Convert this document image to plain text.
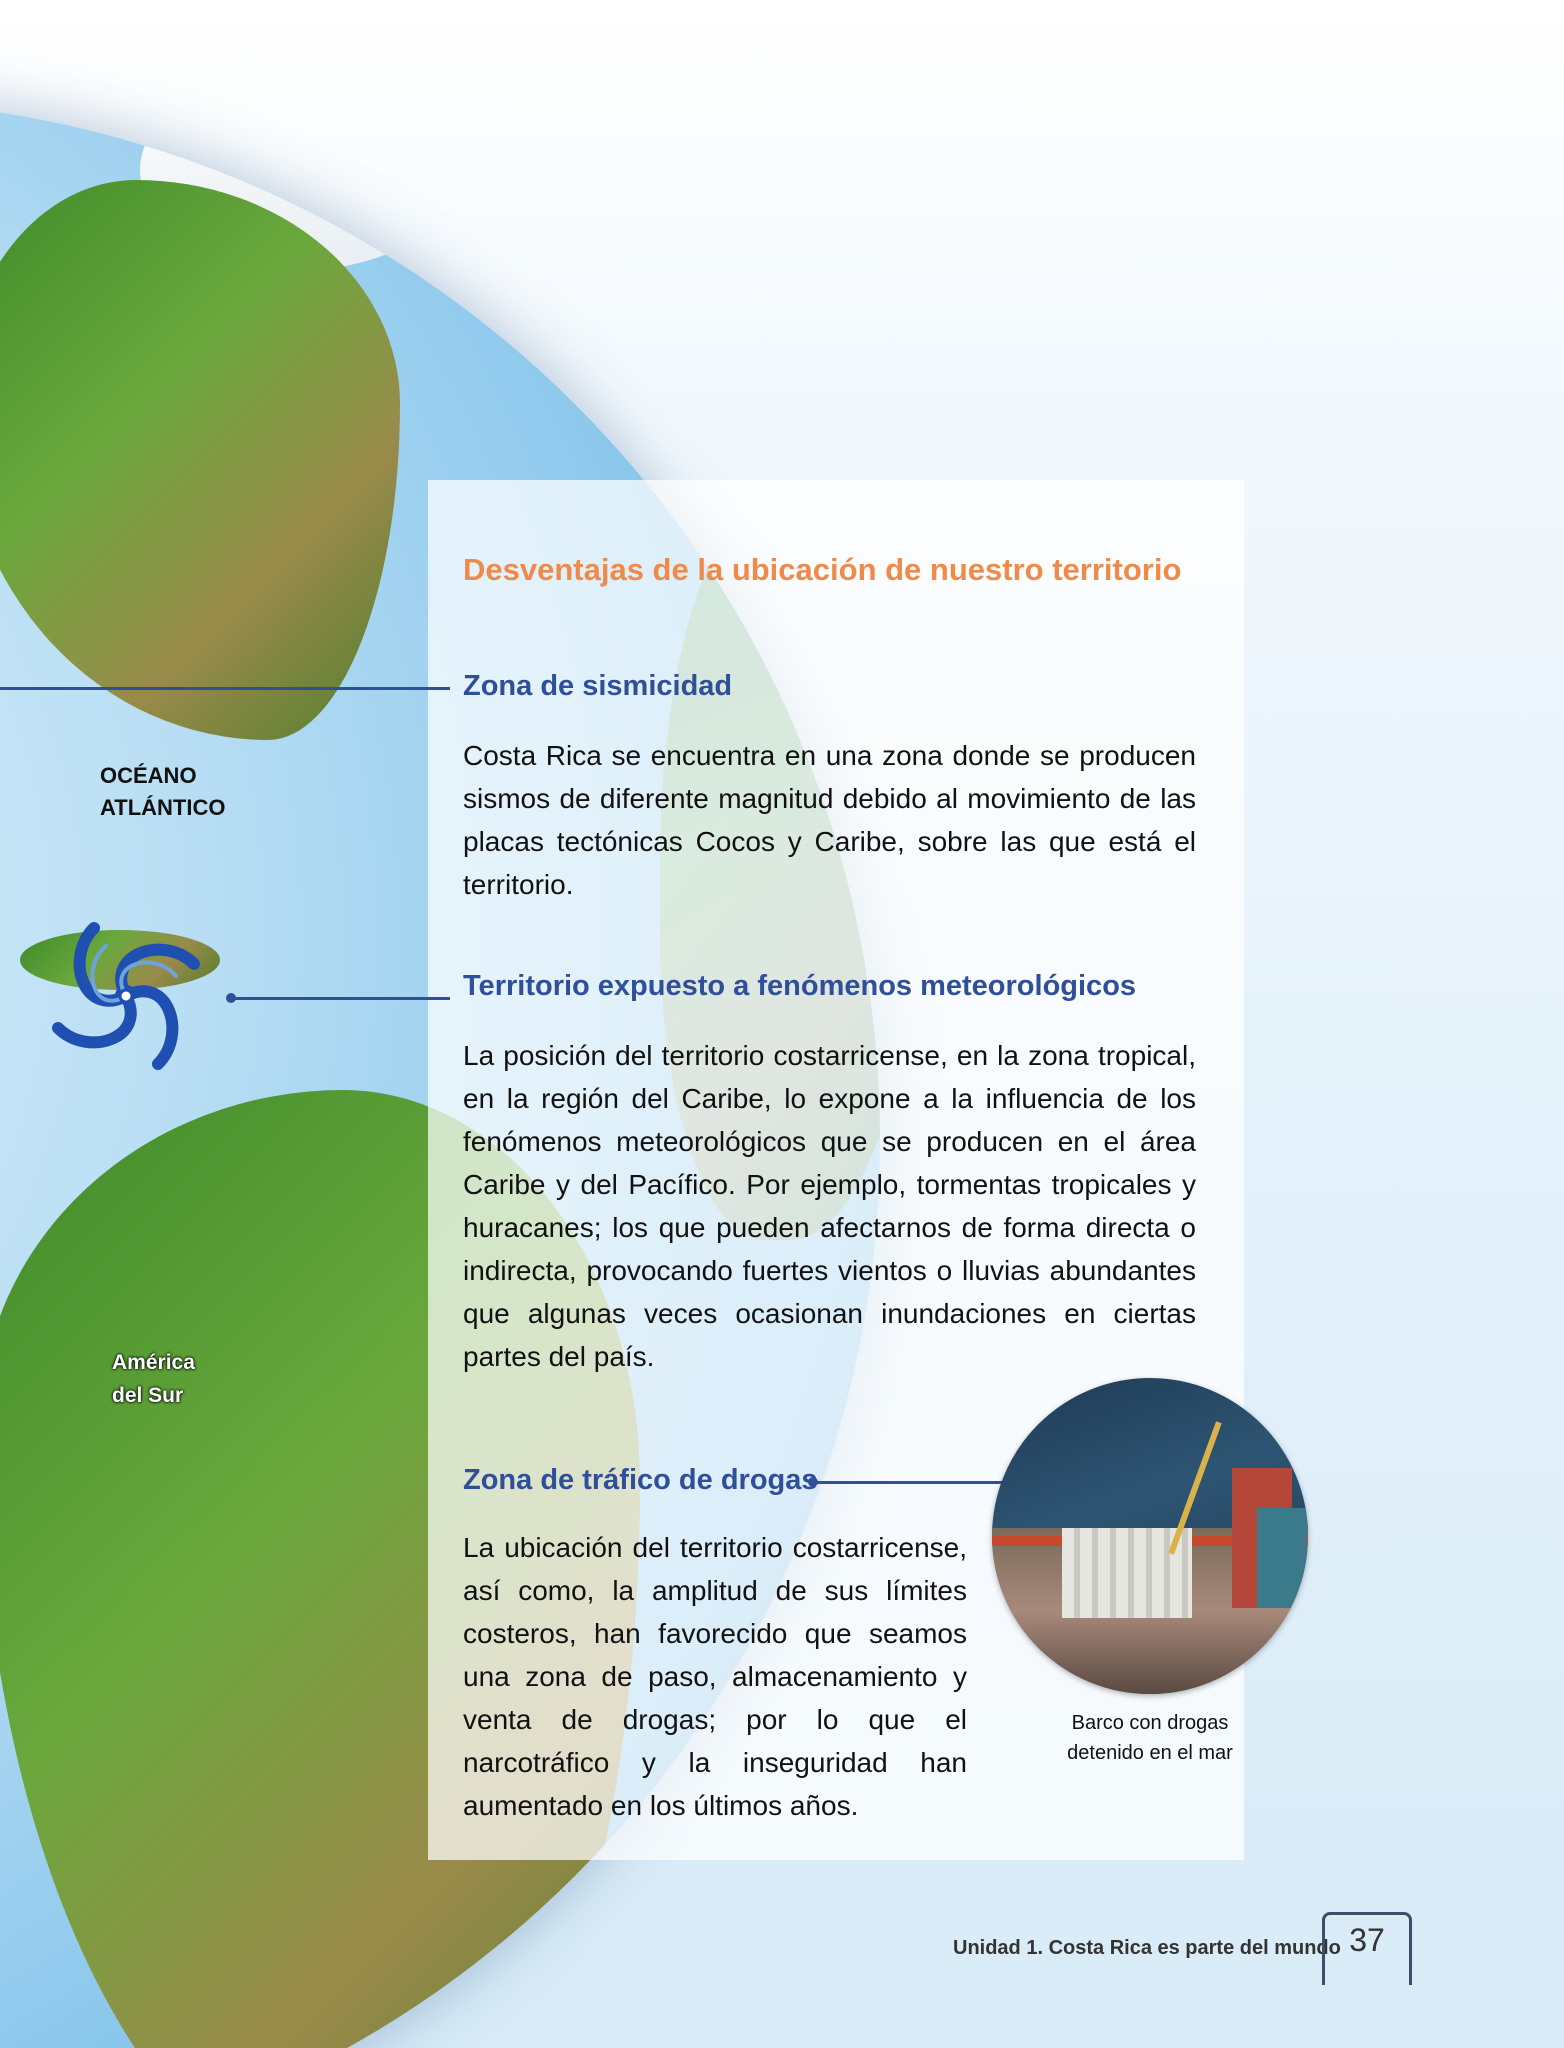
OCÉANO ATLÁNTICO
América del Sur
Desventajas de la ubicación de nuestro territorio
Zona de sismicidad
Costa Rica se encuentra en una zona donde se producen sismos de diferente magnitud debido al movimiento de las placas tectónicas Cocos y Caribe, sobre las que está el territorio.
Territorio expuesto a fenómenos meteorológicos
La posición del territorio costarricense, en la zona tropical, en la región del Caribe, lo expone a la influencia de los fenómenos meteorológicos que se producen en el área Caribe y del Pacífico. Por ejemplo, tormentas tropicales y huracanes; los que pueden afectarnos de forma directa o indirecta, provocando fuertes vientos o lluvias abundantes que algunas veces ocasionan inundaciones en ciertas partes del país.
Zona de tráfico de drogas
La ubicación del territorio costarricense, así como, la amplitud de sus límites costeros, han favorecido que seamos una zona de paso, almacenamiento y venta de drogas; por lo que el narcotráfico y la inseguridad han aumentado en los últimos años.
Barco con drogas detenido en el mar
Unidad 1. Costa Rica es parte del mundo 37
